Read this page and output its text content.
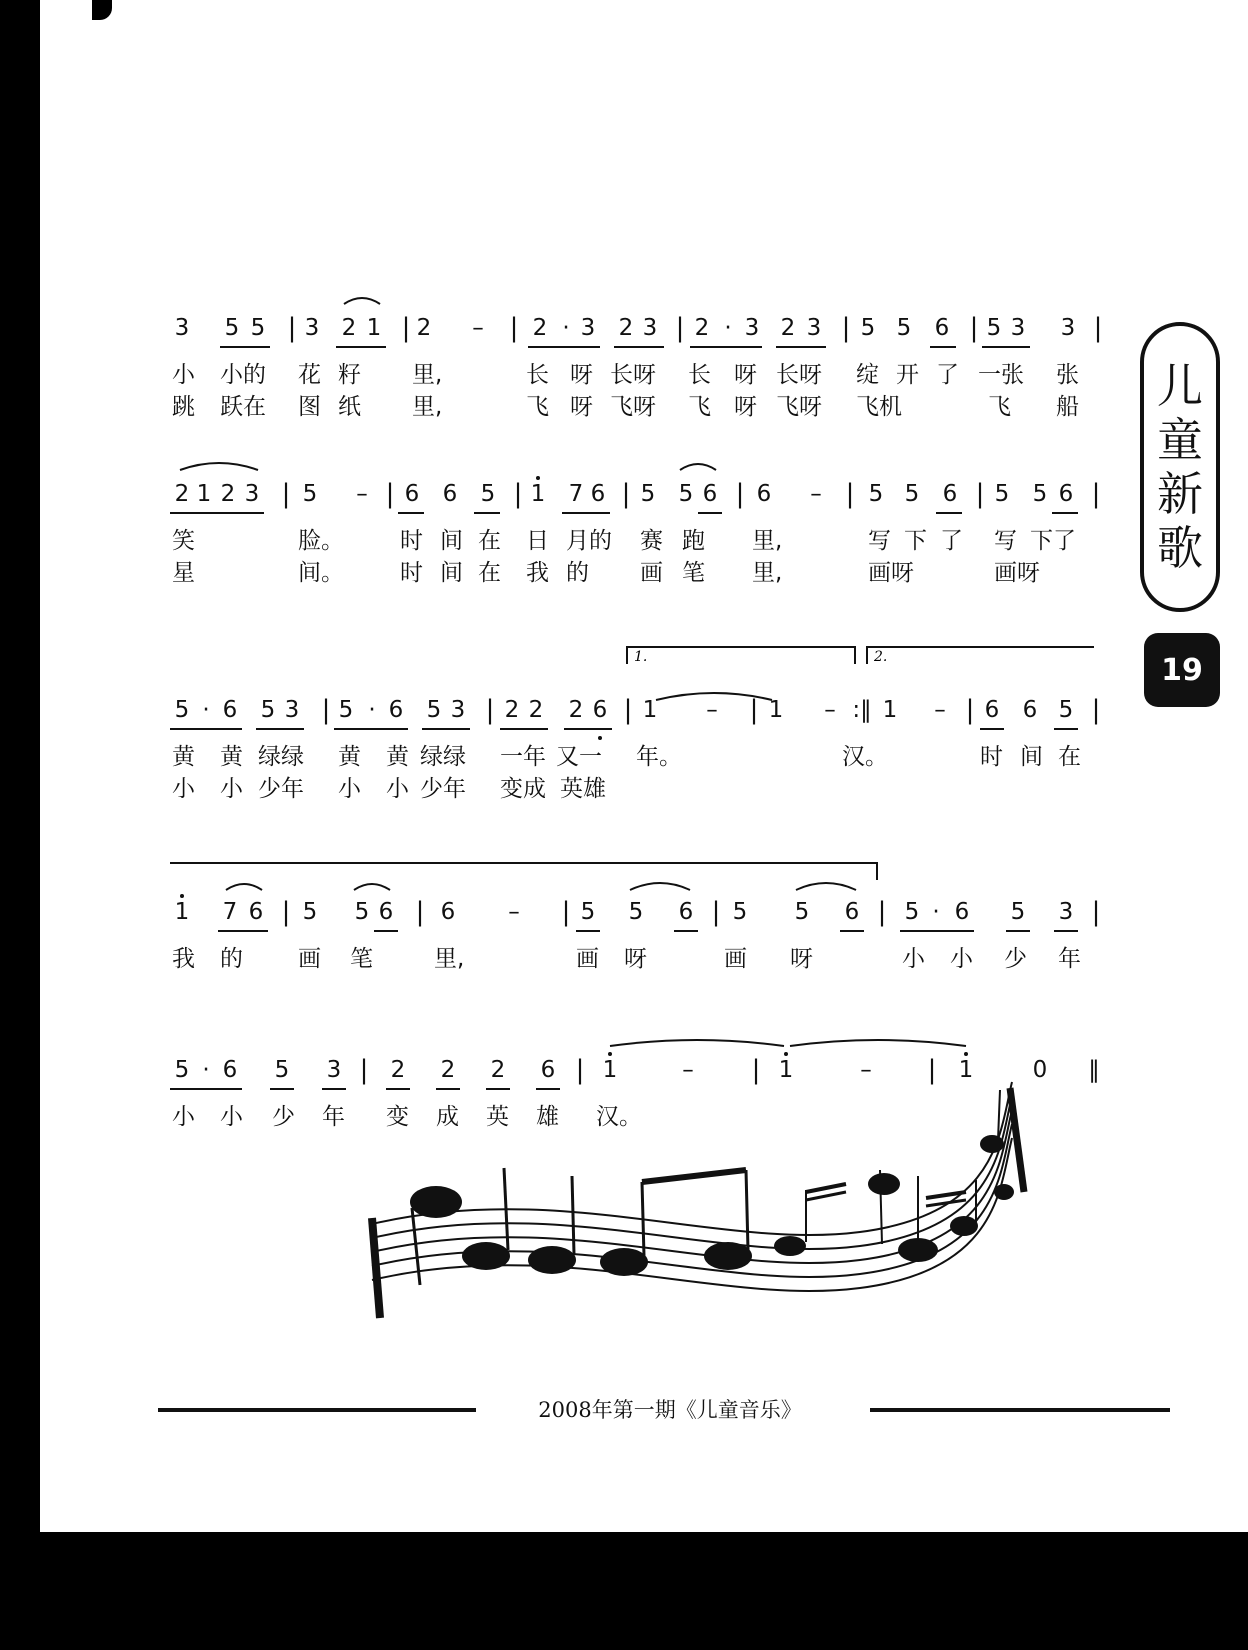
儿
童
新
歌
19
2008年第一期《儿童音乐》
3	5 5 | 3 2 1 | 2	– | 2 · 3	2 3 | 2 · 3 2 3 | 5 5	6 | 5 3	3 |
小 小的 花 籽 里,	长 呀 长呀 长 呀 长呀 绽 开 了 一张 张
跳 跃在 图 纸 里,	飞 呀 飞呀 飞 呀 飞呀 飞机	飞 船
2 1 2 3 | 5	– | 6	6	5 | 1	7 6 | 5	5 6 | 6	– | 5 5	6 | 5	5 6 |
笑	脸。 时 间 在 日 月的 赛 跑 里,	写 下 了 写 下了
星	间。 时 间 在 我 的 画 笔 里,	画呀	画呀
5 · 6	5 3 | 5 · 6	5 3 | 2 2	2 6 | 1	–	| 1	– :‖ 1	– | 6	6 5 |
黄 黄 绿绿 黄 黄 绿绿 一年 又一 年。	汉。	时 间 在
小 小 少年 小 小 少年 变成 英雄
1	7 6 | 5	5 6 | 6	–	| 5	5	6 | 5	5	6 | 5 · 6	5	3 |
我 的 画 笔	里,	画 呀	画 呀	小 小 少 年
5 · 6	5	3 | 2	2	2	6 | 1	–	| 1	–	| 1	0	‖
小 小 少 年 变 成 英 雄 汉。
1.	2.
